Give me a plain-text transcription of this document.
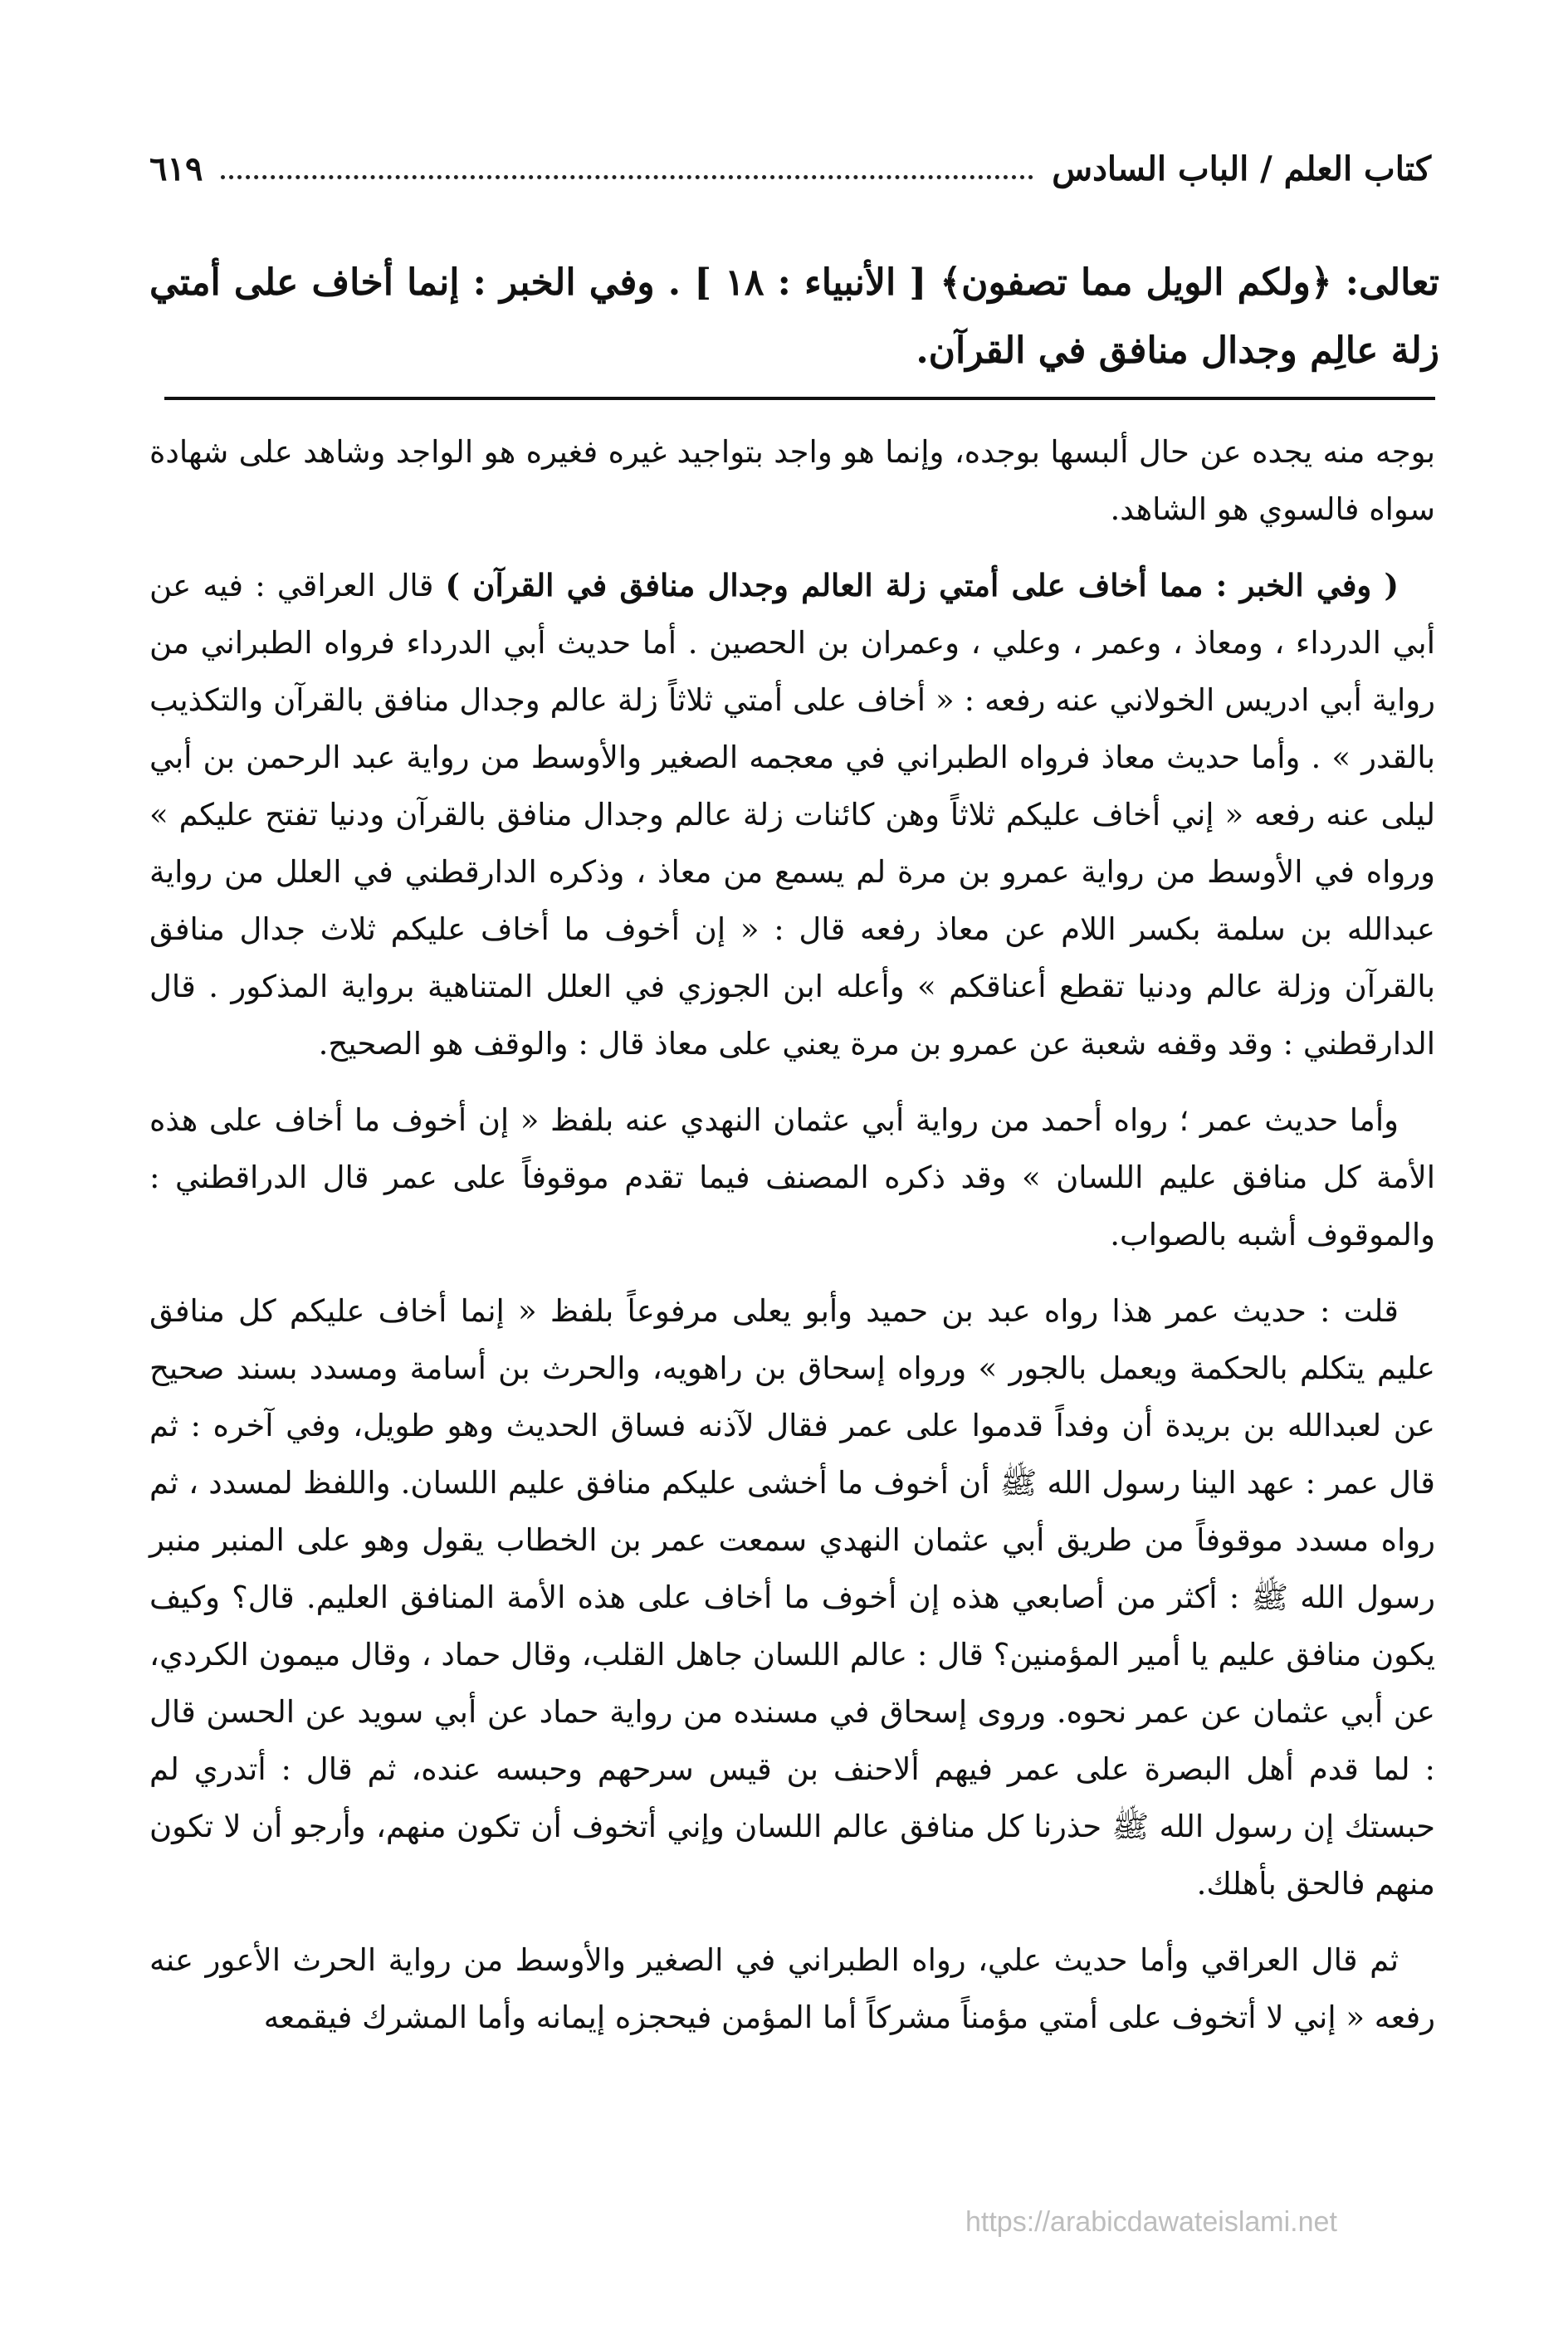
كتاب العلم / الباب السادس
٦١٩
تعالى: ﴿ولكم الويل مما تصفون﴾ [ الأنبياء : ١٨ ] . وفي الخبر : إنما أخاف على أمتي زلة عالِم وجدال منافق في القرآن.

بوجه منه يجده عن حال ألبسها بوجده، وإنما هو واجد بتواجيد غيره فغيره هو الواجد وشاهد على شهادة سواه فالسوي هو الشاهد.

( وفي الخبر : مما أخاف على أمتي زلة العالم وجدال منافق في القرآن ) قال العراقي : فيه عن أبي الدرداء ، ومعاذ ، وعمر ، وعلي ، وعمران بن الحصين . أما حديث أبي الدرداء فرواه الطبراني من رواية أبي ادريس الخولاني عنه رفعه : « أخاف على أمتي ثلاثاً زلة عالم وجدال منافق بالقرآن والتكذيب بالقدر » . وأما حديث معاذ فرواه الطبراني في معجمه الصغير والأوسط من رواية عبد الرحمن بن أبي ليلى عنه رفعه « إني أخاف عليكم ثلاثاً وهن كائنات زلة عالم وجدال منافق بالقرآن ودنيا تفتح عليكم » ورواه في الأوسط من رواية عمرو بن مرة لم يسمع من معاذ ، وذكره الدارقطني في العلل من رواية عبدالله بن سلمة بكسر اللام عن معاذ رفعه قال : « إن أخوف ما أخاف عليكم ثلاث جدال منافق بالقرآن وزلة عالم ودنيا تقطع أعناقكم » وأعله ابن الجوزي في العلل المتناهية برواية المذكور . قال الدارقطني : وقد وقفه شعبة عن عمرو بن مرة يعني على معاذ قال : والوقف هو الصحيح.

وأما حديث عمر ؛ رواه أحمد من رواية أبي عثمان النهدي عنه بلفظ « إن أخوف ما أخاف على هذه الأمة كل منافق عليم اللسان » وقد ذكره المصنف فيما تقدم موقوفاً على عمر قال الدراقطني : والموقوف أشبه بالصواب.

قلت : حديث عمر هذا رواه عبد بن حميد وأبو يعلى مرفوعاً بلفظ « إنما أخاف عليكم كل منافق عليم يتكلم بالحكمة ويعمل بالجور » ورواه إسحاق بن راهويه، والحرث بن أسامة ومسدد بسند صحيح عن لعبدالله بن بريدة أن وفداً قدموا على عمر فقال لآذنه فساق الحديث وهو طويل، وفي آخره : ثم قال عمر : عهد الينا رسول الله ﷺ أن أخوف ما أخشى عليكم منافق عليم اللسان. واللفظ لمسدد ، ثم رواه مسدد موقوفاً من طريق أبي عثمان النهدي سمعت عمر بن الخطاب يقول وهو على المنبر منبر رسول الله ﷺ : أكثر من أصابعي هذه إن أخوف ما أخاف على هذه الأمة المنافق العليم. قال؟ وكيف يكون منافق عليم يا أمير المؤمنين؟ قال : عالم اللسان جاهل القلب، وقال حماد ، وقال ميمون الكردي، عن أبي عثمان عن عمر نحوه. وروى إسحاق في مسنده من رواية حماد عن أبي سويد عن الحسن قال : لما قدم أهل البصرة على عمر فيهم ألاحنف بن قيس سرحهم وحبسه عنده، ثم قال : أتدري لم حبستك إن رسول الله ﷺ حذرنا كل منافق عالم اللسان وإني أتخوف أن تكون منهم، وأرجو أن لا تكون منهم فالحق بأهلك.

ثم قال العراقي وأما حديث علي، رواه الطبراني في الصغير والأوسط من رواية الحرث الأعور عنه رفعه « إني لا أتخوف على أمتي مؤمناً مشركاً أما المؤمن فيحجزه إيمانه وأما المشرك فيقمعه

https://arabicdawateislami.net
